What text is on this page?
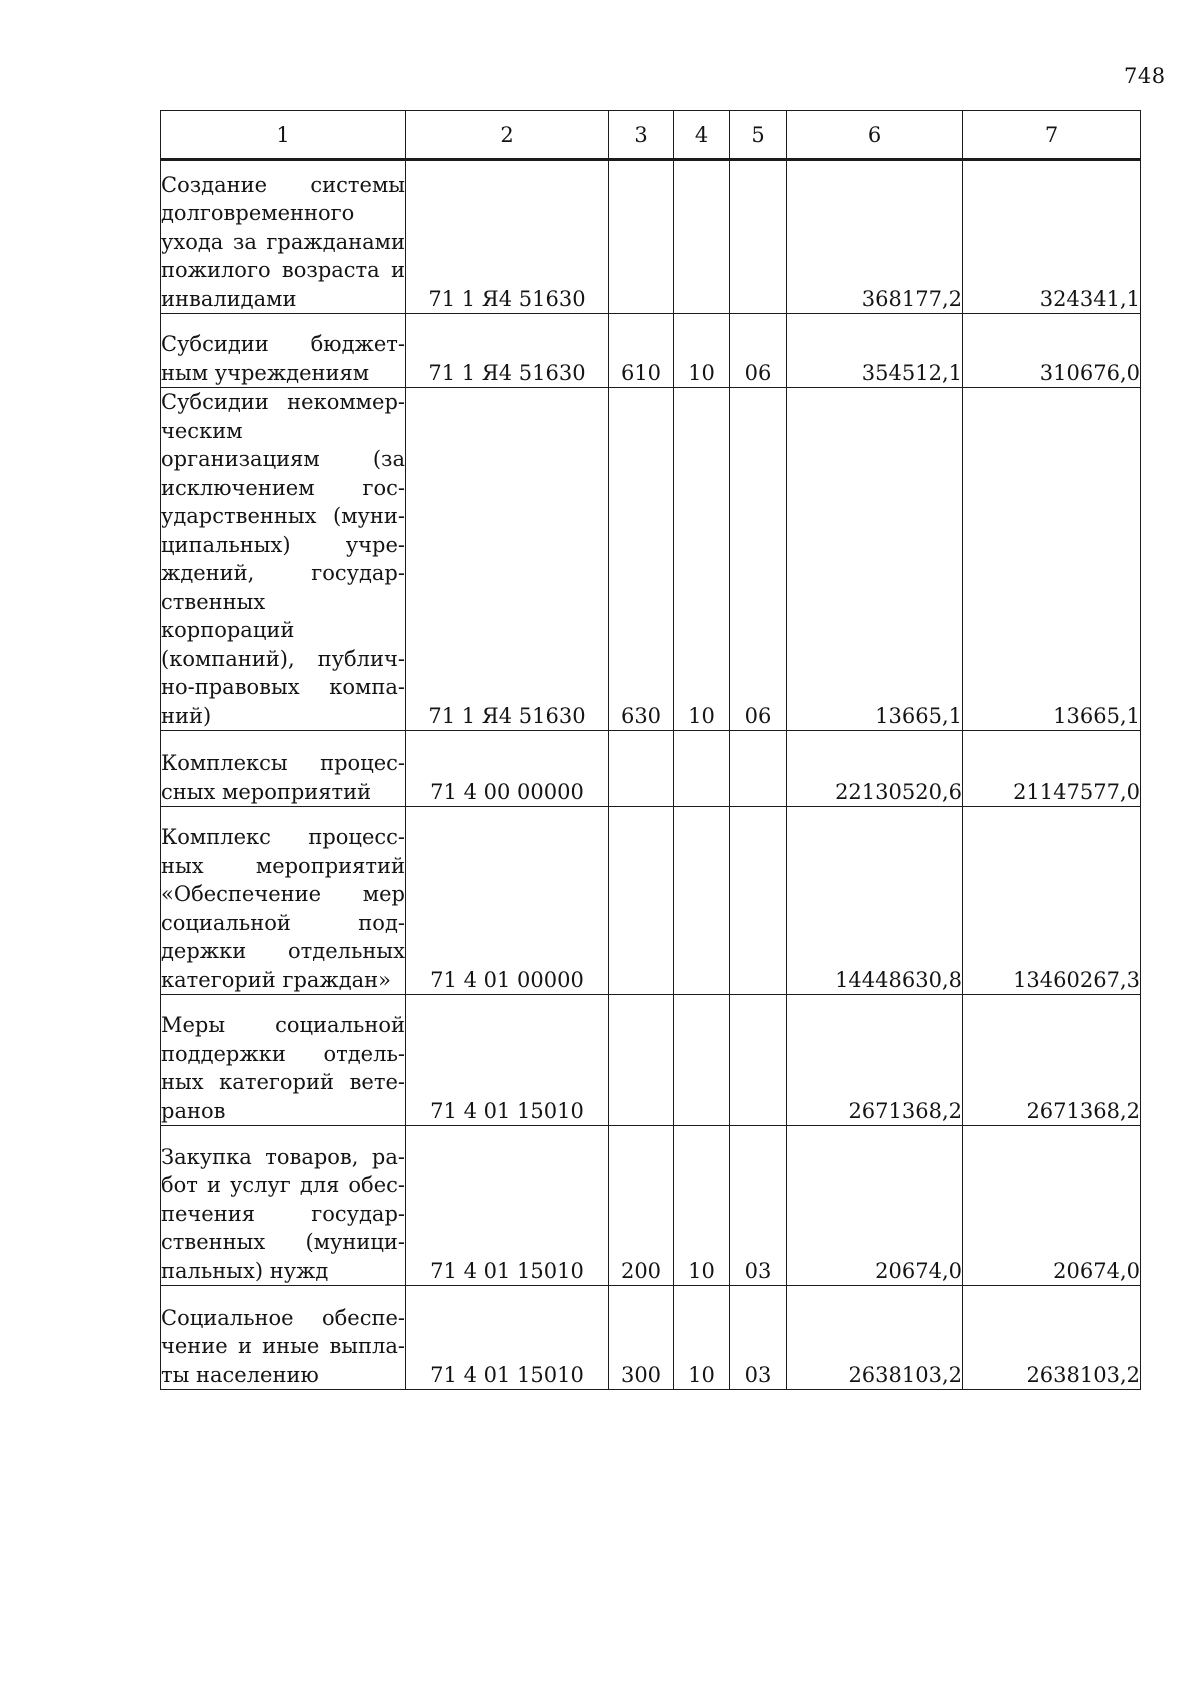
748
1	2	3	4	5	6	7
Создание системы долговременного ухода за гражданами пожилого возраста и инвалидами	71 1 Я4 51630				368177,2	324341,1
Субсидии бюджетным учреждениям	71 1 Я4 51630	610	10	06	354512,1	310676,0
Субсидии некоммерческим организациям (за исключением государственных (муниципальных) учреждений, государственных корпораций (компаний), публично-правовых компаний)	71 1 Я4 51630	630	10	06	13665,1	13665,1
Комплексы процессных мероприятий	71 4 00 00000				22130520,6	21147577,0
Комплекс процессных мероприятий «Обеспечение мер социальной поддержки отдельных категорий граждан»	71 4 01 00000				14448630,8	13460267,3
Меры социальной поддержки отдельных категорий ветеранов	71 4 01 15010				2671368,2	2671368,2
Закупка товаров, работ и услуг для обеспечения государственных (муниципальных) нужд	71 4 01 15010	200	10	03	20674,0	20674,0
Социальное обеспечение и иные выплаты населению	71 4 01 15010	300	10	03	2638103,2	2638103,2
